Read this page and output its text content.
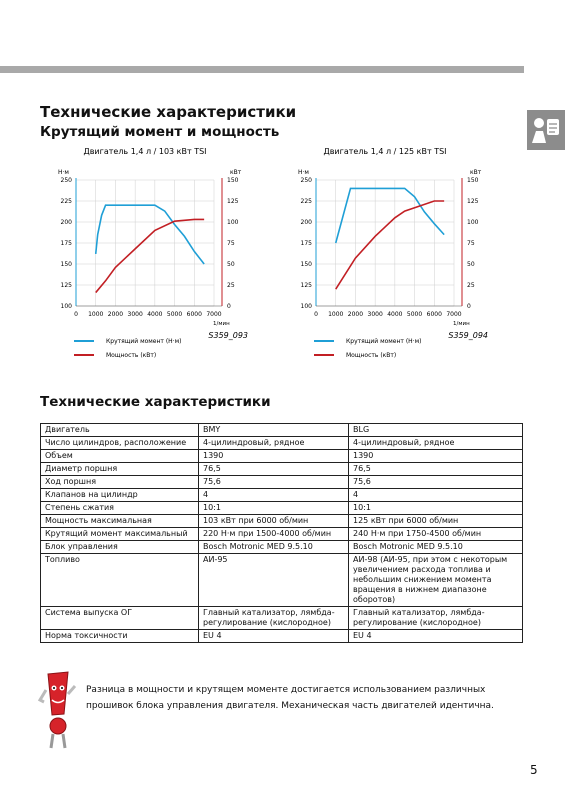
Технические характеристики
Крутящий момент и мощность
Двигатель 1,4 л / 103 кВт TSI
Н·м	кВт
100
125
150
175
200
225
250
0
25
50
75
100
125
150
0 1000 2000 3000 4000 5000 6000 7000
1/мин
S359_093
Крутящий момент (Н·м)
Мощность (кВт)
Двигатель 1,4 л / 125 кВт TSI
Н·м	кВт
100
125
150
175
200
225
250
0
25
50
75
100
125
150
0 1000 2000 3000 4000 5000 6000 7000
1/мин
S359_094
Крутящий момент (Н·м)
Мощность (кВт)
Технические характеристики
Двигатель	BMY	BLG
Число цилиндров, расположение	4-цилиндровый, рядное	4-цилиндровый, рядное
Объем	1390	1390
Диаметр поршня	76,5	76,5
Ход поршня	75,6	75,6
Клапанов на цилиндр	4	4
Степень сжатия	10:1	10:1
Мощность максимальная	103 кВт при 6000 об/мин	125 кВт при 6000 об/мин
Крутящий момент максимальный	220 Н·м при 1500-4000 об/мин	240 Н·м при 1750-4500 об/мин
Блок управления	Bosch Motronic MED 9.5.10	Bosch Motronic MED 9.5.10
Топливо	АИ-95	АИ-98 (АИ-95, при этом с некоторым увеличением расхода топлива и небольшим снижением момента вращения в нижнем диапазоне оборотов)
Система выпуска ОГ	Главный катализатор, лямбда-регулирование (кислородное)	Главный катализатор, лямбда-регулирование (кислородное)
Норма токсичности	EU 4	EU 4
Разница в мощности и крутящем моменте достигается использованием различных прошивок блока управления двигателя. Механическая часть двигателей идентична.
5
